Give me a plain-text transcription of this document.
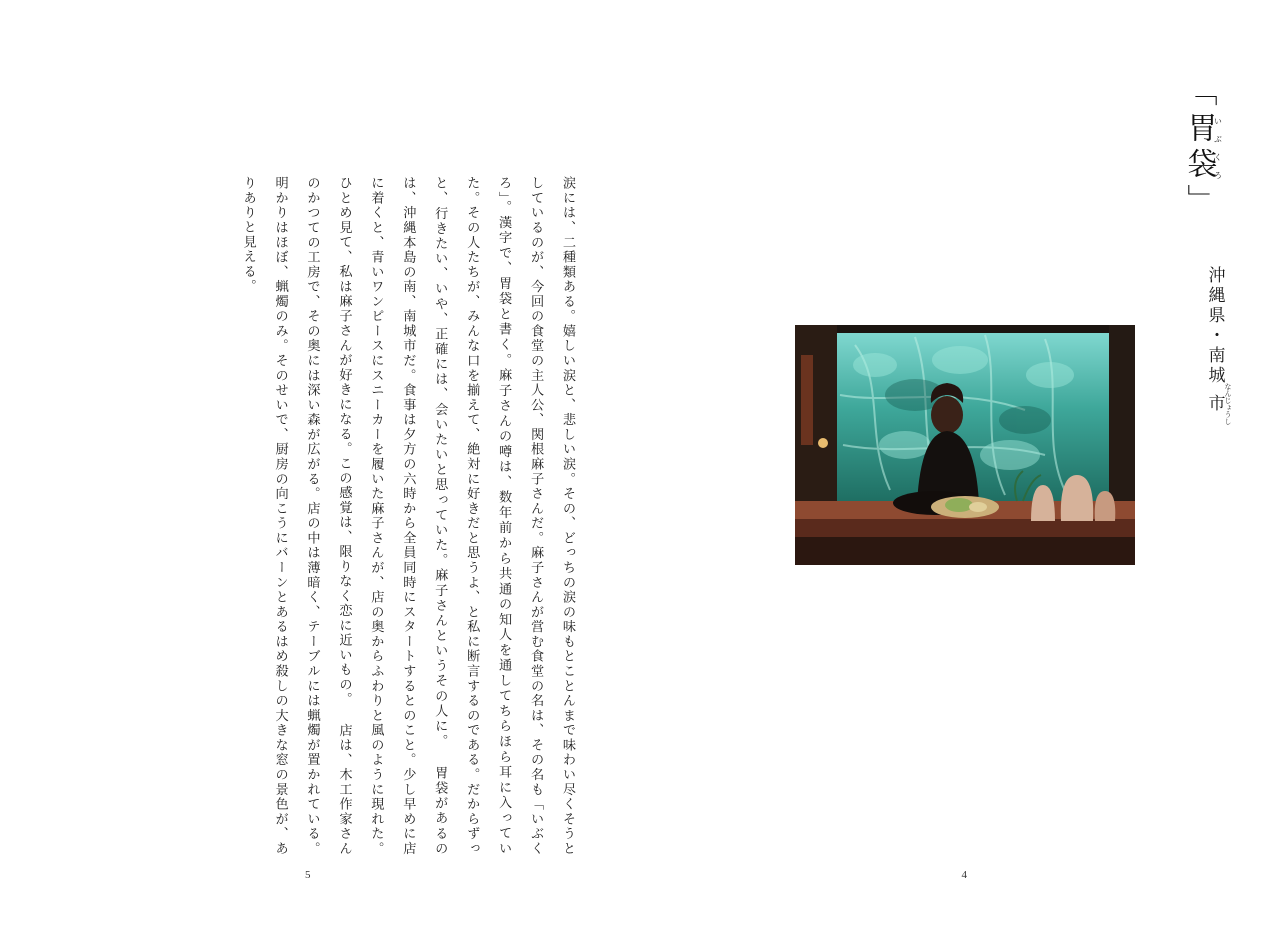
「胃袋いぶくろ」
沖縄県・南城市 なんじょうし
4
涙には、二種類ある。嬉しい涙と、悲しい涙。その、どっちの涙の味もとことんまで味わい尽くそうとしているのが、今回の食堂の主人公、関根麻子さんだ。麻子さんが営む食堂の名は、その名も「いぶくろ」。漢字で、胃袋と書く。麻子さんの噂は、数年前から共通の知人を通してちらほら耳に入っていた。その人たちが、みんな口を揃えて、絶対に好きだと思うよ、と私に断言するのである。だからずっと、行きたい、いや、正確には、会いたいと思っていた。麻子さんというその人に。 胃袋があるのは、沖縄本島の南、南城市だ。食事は夕方の六時から全員同時にスタートするとのこと。少し早めに店に着くと、青いワンピースにスニーカーを履いた麻子さんが、店の奥からふわりと風のように現れた。ひとめ見て、私は麻子さんが好きになる。この感覚は、限りなく恋に近いもの。 店は、木工作家さんのかつての工房で、その奥には深い森が広がる。店の中は薄暗く、テーブルには蝋燭が置かれている。明かりはほぼ、蝋燭のみ。そのせいで、厨房の向こうにバーンとあるはめ殺しの大きな窓の景色が、ありありと見える。
5
